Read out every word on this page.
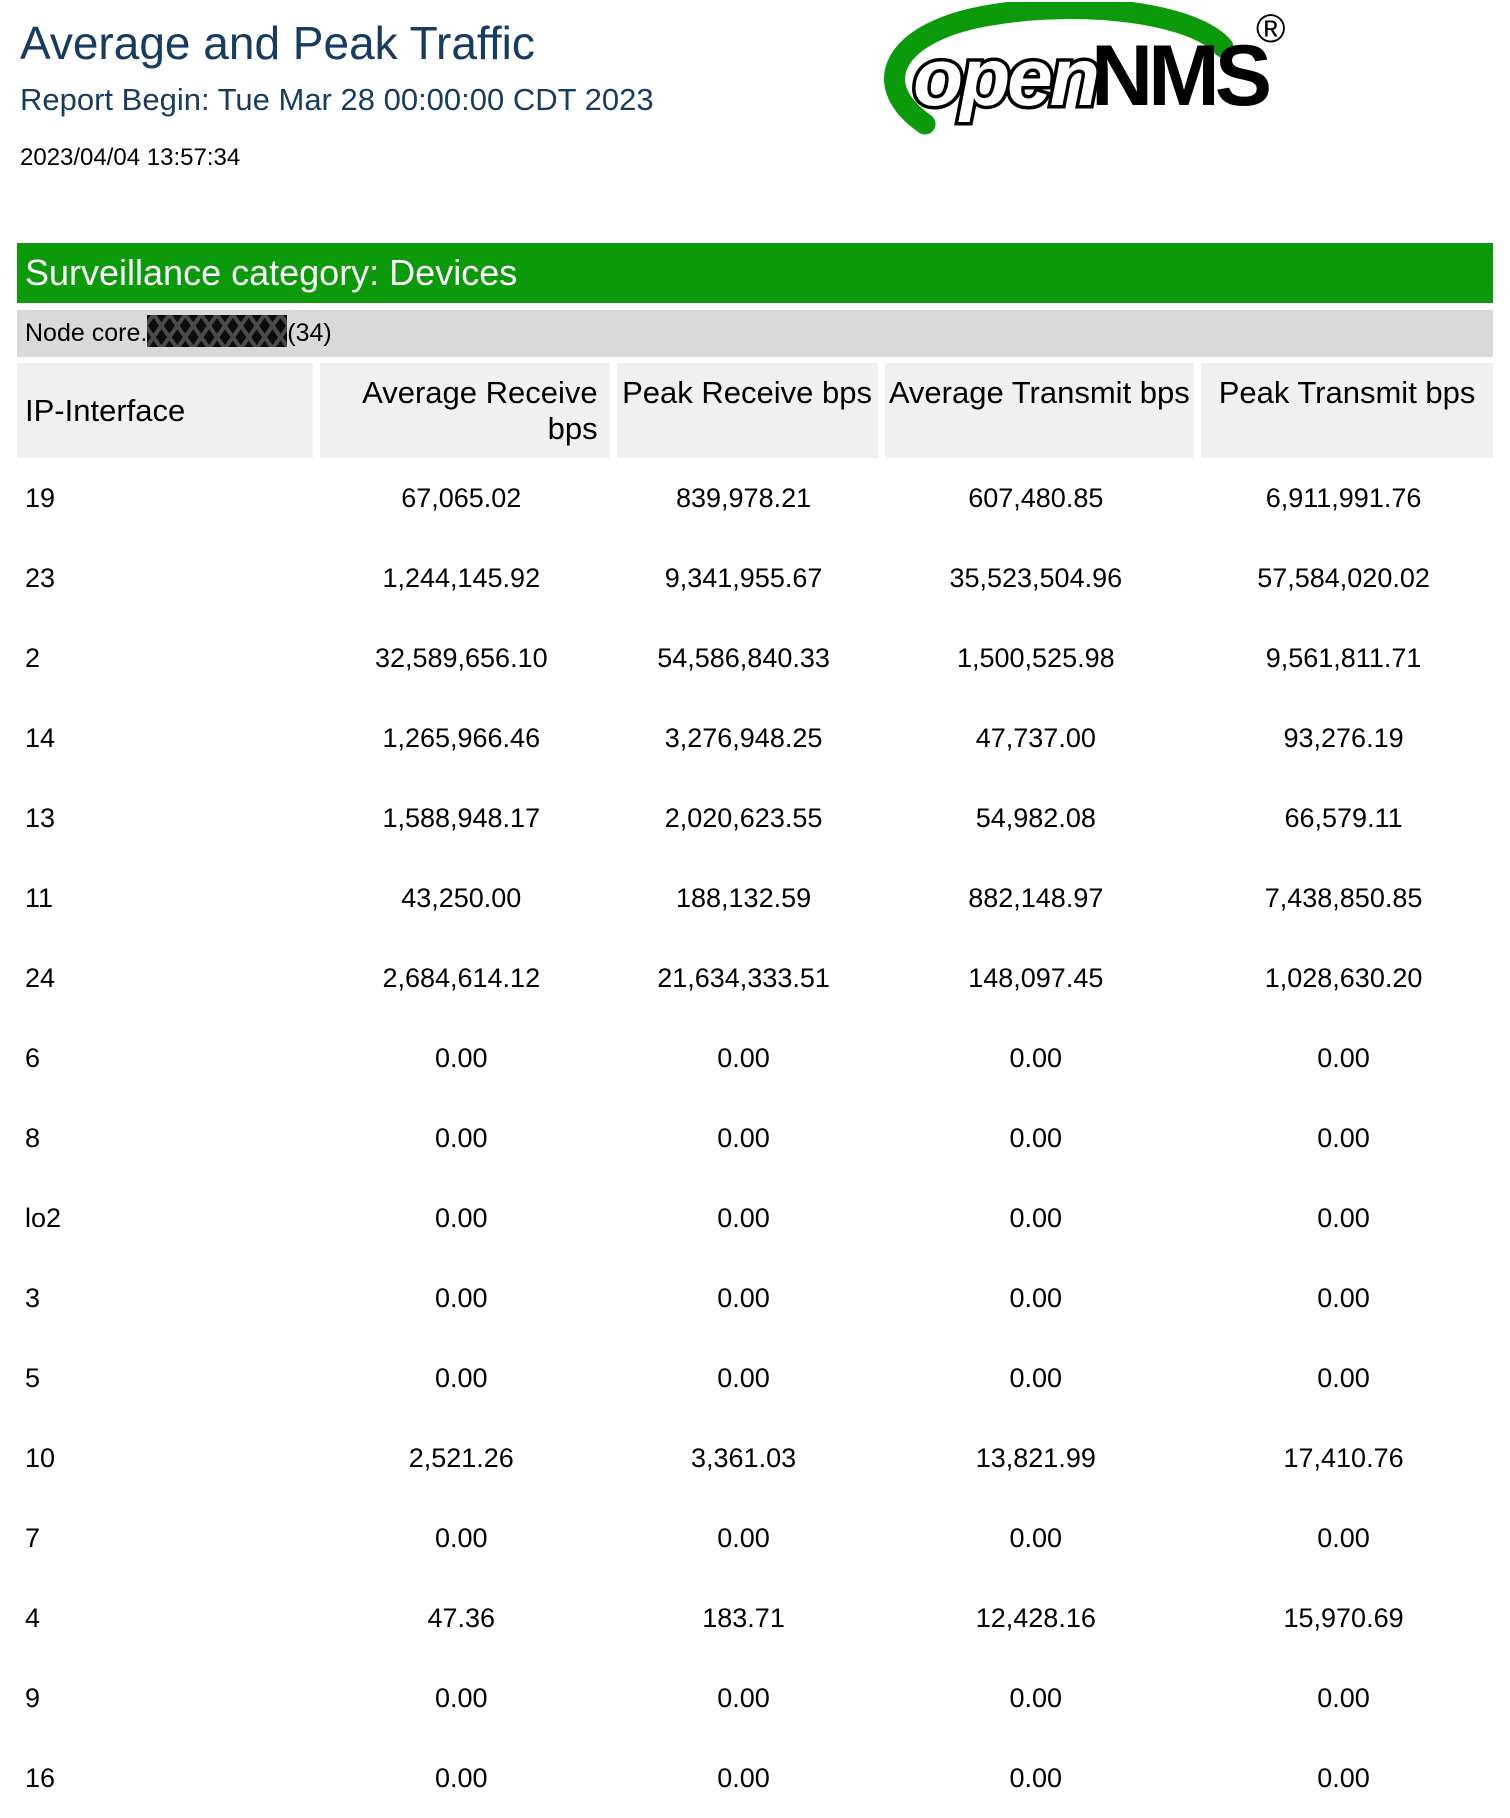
Average and Peak Traffic
Report Begin: Tue Mar 28 00:00:00 CDT 2023
2023/04/04 13:57:34
open
NMS
®
Surveillance category: Devices
Node core.	(34)
IP-Interface	Average Receive bps	Peak Receive bps	Average Transmit bps	Peak Transmit bps
19	67,065.02	839,978.21	607,480.85	6,911,991.76
23	1,244,145.92	9,341,955.67	35,523,504.96	57,584,020.02
2	32,589,656.10	54,586,840.33	1,500,525.98	9,561,811.71
14	1,265,966.46	3,276,948.25	47,737.00	93,276.19
13	1,588,948.17	2,020,623.55	54,982.08	66,579.11
11	43,250.00	188,132.59	882,148.97	7,438,850.85
24	2,684,614.12	21,634,333.51	148,097.45	1,028,630.20
6	0.00	0.00	0.00	0.00
8	0.00	0.00	0.00	0.00
lo2	0.00	0.00	0.00	0.00
3	0.00	0.00	0.00	0.00
5	0.00	0.00	0.00	0.00
10	2,521.26	3,361.03	13,821.99	17,410.76
7	0.00	0.00	0.00	0.00
4	47.36	183.71	12,428.16	15,970.69
9	0.00	0.00	0.00	0.00
16	0.00	0.00	0.00	0.00
